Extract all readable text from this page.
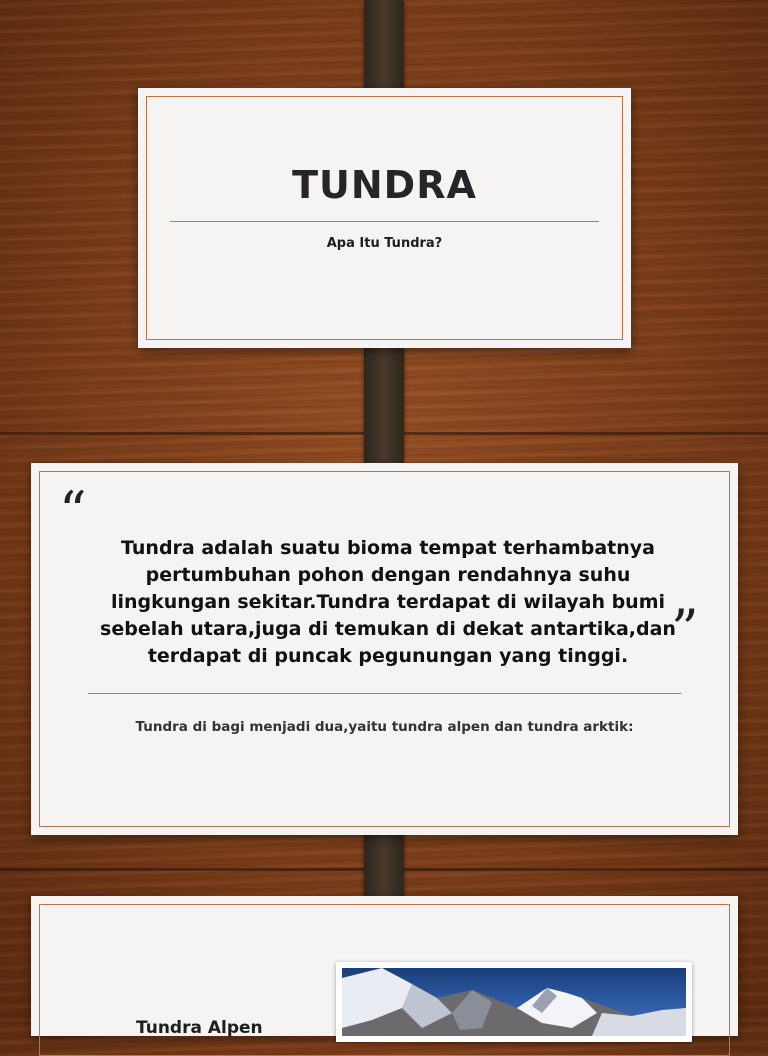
TUNDRA
Apa Itu Tundra?
“
”
Tundra adalah suatu bioma tempat terhambatnya
pertumbuhan pohon dengan rendahnya suhu
lingkungan sekitar.Tundra terdapat di wilayah bumi
sebelah utara,juga di temukan di dekat antartika,dan
terdapat di puncak pegunungan yang tinggi.
Tundra di bagi menjadi dua,yaitu tundra alpen dan tundra arktik:
Tundra Alpen
